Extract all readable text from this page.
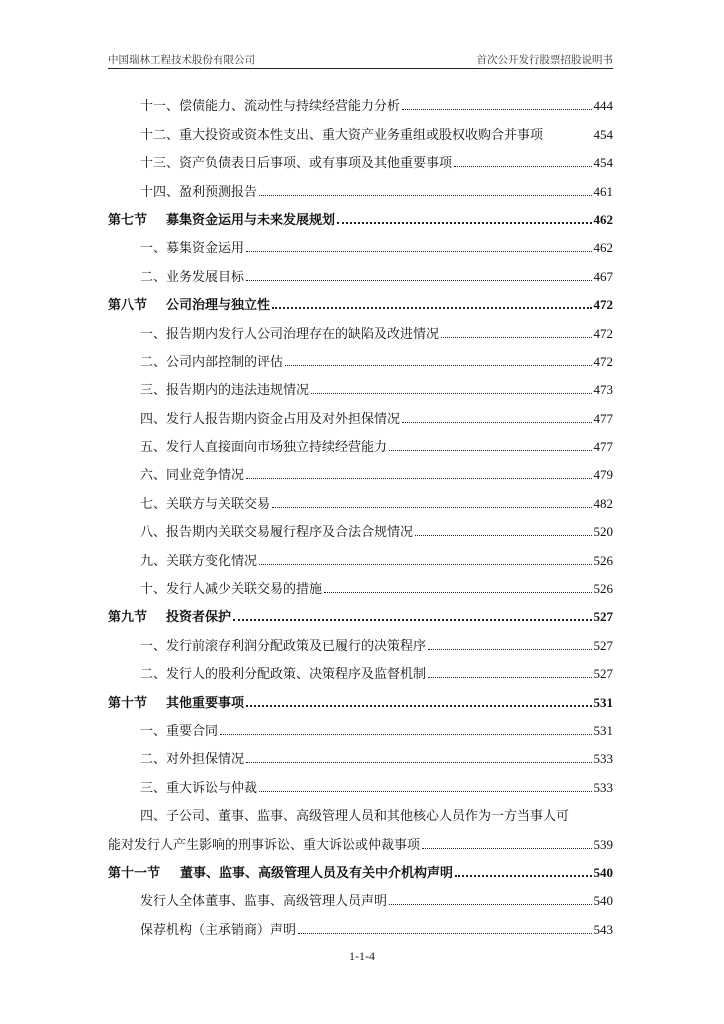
中国瑞林工程技术股份有限公司	首次公开发行股票招股说明书
十一、偿债能力、流动性与持续经营能力分析	444
十二、重大投资或资本性支出、重大资产业务重组或股权收购合并事项	454
十三、资产负债表日后事项、或有事项及其他重要事项	454
十四、盈利预测报告	461
第七节 募集资金运用与未来发展规划	462
一、募集资金运用	462
二、业务发展目标	467
第八节 公司治理与独立性	472
一、报告期内发行人公司治理存在的缺陷及改进情况	472
二、公司内部控制的评估	472
三、报告期内的违法违规情况	473
四、发行人报告期内资金占用及对外担保情况	477
五、发行人直接面向市场独立持续经营能力	477
六、同业竞争情况	479
七、关联方与关联交易	482
八、报告期内关联交易履行程序及合法合规情况	520
九、关联方变化情况	526
十、发行人减少关联交易的措施	526
第九节 投资者保护	527
一、发行前滚存利润分配政策及已履行的决策程序	527
二、发行人的股利分配政策、决策程序及监督机制	527
第十节 其他重要事项	531
一、重要合同	531
二、对外担保情况	533
三、重大诉讼与仲裁	533
四、子公司、董事、监事、高级管理人员和其他核心人员作为一方当事人可
能对发行人产生影响的刑事诉讼、重大诉讼或仲裁事项	539
第十一节 董事、监事、高级管理人员及有关中介机构声明	540
发行人全体董事、监事、高级管理人员声明	540
保荐机构（主承销商）声明	543
1-1-4
